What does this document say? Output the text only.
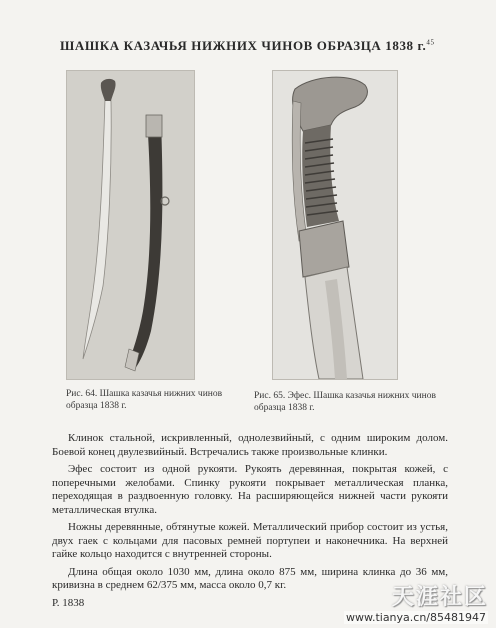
ШАШКА КАЗАЧЬЯ НИЖНИХ ЧИНОВ ОБРАЗЦА 1838 г.$^{45}$
Рис. 64. Шашка казачья нижних чинов образца 1838 г.
Рис. 65. Эфес. Шашка казачья нижних чинов образца 1838 г.

Клинок стальной, искривленный, однолезвийный, с одним широким долом. Боевой конец двулезвийный. Встречались также произвольные клинки.

Эфес состоит из одной рукояти. Рукоять деревянная, покрытая кожей, с поперечными желобами. Спинку рукояти покрывает металлическая планка, переходящая в раздвоенную головку. На расширяющейся нижней части рукояти металлическая втулка.

Ножны деревянные, обтянутые кожей. Металлический прибор состоит из устья, двух гаек с кольцами для пасовых ремней портупеи и наконечника. На верхней гайке кольцо находится с внутренней стороны.

Длина общая около 1030 мм, длина около 875 мм, ширина клинка до 36 мм, кривизна в среднем 62/375 мм, масса около 0,7 кг.

Р. 1838	天涯社区
www.tianya.cn/85481947
